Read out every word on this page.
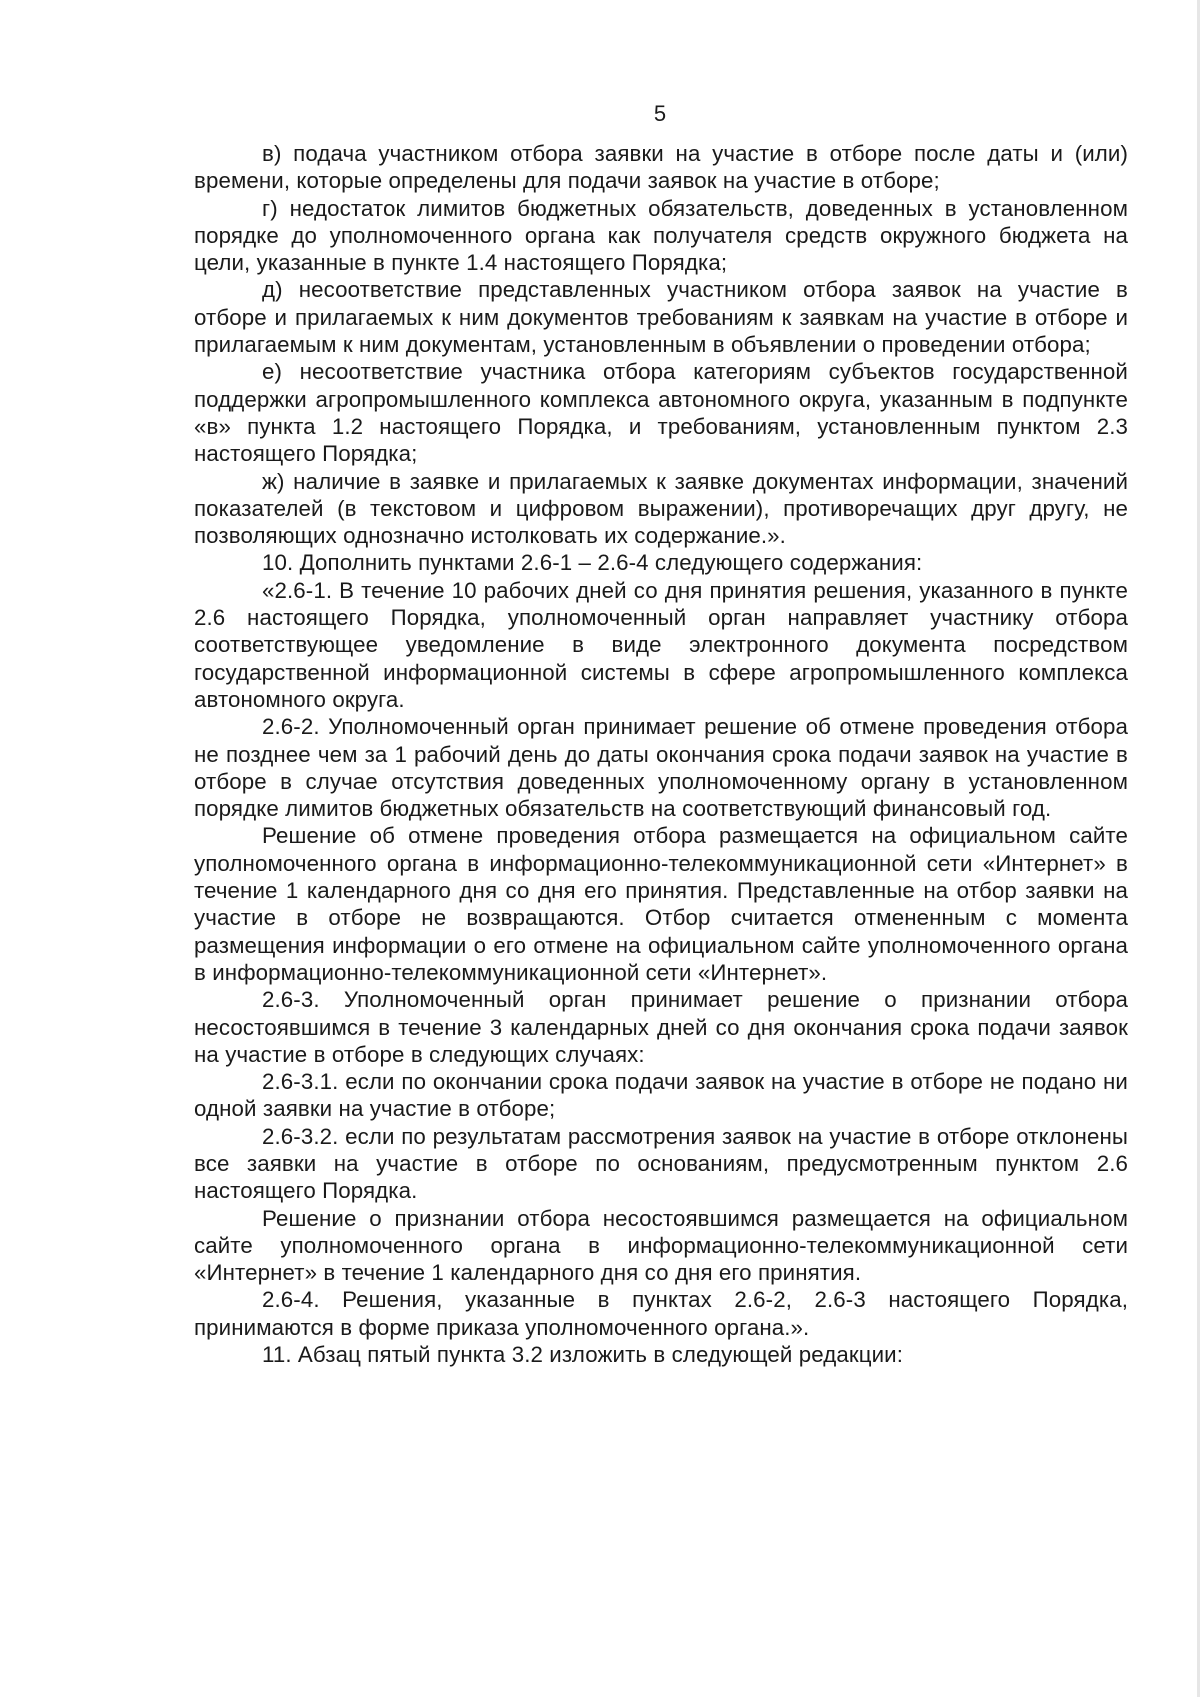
5

в) подача участником отбора заявки на участие в отборе после даты и (или) времени, которые определены для подачи заявок на участие в отборе;

г) недостаток лимитов бюджетных обязательств, доведенных в установленном порядке до уполномоченного органа как получателя средств окружного бюджета на цели, указанные в пункте 1.4 настоящего Порядка;

д) несоответствие представленных участником отбора заявок на участие в отборе и прилагаемых к ним документов требованиям к заявкам на участие в отборе и прилагаемым к ним документам, установленным в объявлении о проведении отбора;

е) несоответствие участника отбора категориям субъектов государственной поддержки агропромышленного комплекса автономного округа, указанным в подпункте «в» пункта 1.2 настоящего Порядка, и требованиям, установленным пунктом 2.3 настоящего Порядка;

ж) наличие в заявке и прилагаемых к заявке документах информации, значений показателей (в текстовом и цифровом выражении), противоречащих друг другу, не позволяющих однозначно истолковать их содержание.».

10. Дополнить пунктами 2.6-1 – 2.6-4 следующего содержания:

«2.6-1. В течение 10 рабочих дней со дня принятия решения, указанного в пункте 2.6 настоящего Порядка, уполномоченный орган направляет участнику отбора соответствующее уведомление в виде электронного документа посредством государственной информационной системы в сфере агропромышленного комплекса автономного округа.

2.6-2. Уполномоченный орган принимает решение об отмене проведения отбора не позднее чем за 1 рабочий день до даты окончания срока подачи заявок на участие в отборе в случае отсутствия доведенных уполномоченному органу в установленном порядке лимитов бюджетных обязательств на соответствующий финансовый год.

Решение об отмене проведения отбора размещается на официальном сайте уполномоченного органа в информационно-телекоммуникационной сети «Интернет» в течение 1 календарного дня со дня его принятия. Представленные на отбор заявки на участие в отборе не возвращаются. Отбор считается отмененным с момента размещения информации о его отмене на официальном сайте уполномоченного органа в информационно-телекоммуникационной сети «Интернет».

2.6-3. Уполномоченный орган принимает решение о признании отбора несостоявшимся в течение 3 календарных дней со дня окончания срока подачи заявок на участие в отборе в следующих случаях:

2.6-3.1. если по окончании срока подачи заявок на участие в отборе не подано ни одной заявки на участие в отборе;

2.6-3.2. если по результатам рассмотрения заявок на участие в отборе отклонены все заявки на участие в отборе по основаниям, предусмотренным пунктом 2.6 настоящего Порядка.

Решение о признании отбора несостоявшимся размещается на официальном сайте уполномоченного органа в информационно-телекоммуникационной сети «Интернет» в течение 1 календарного дня со дня его принятия.

2.6-4. Решения, указанные в пунктах 2.6-2, 2.6-3 настоящего Порядка, принимаются в форме приказа уполномоченного органа.».

11. Абзац пятый пункта 3.2 изложить в следующей редакции:
